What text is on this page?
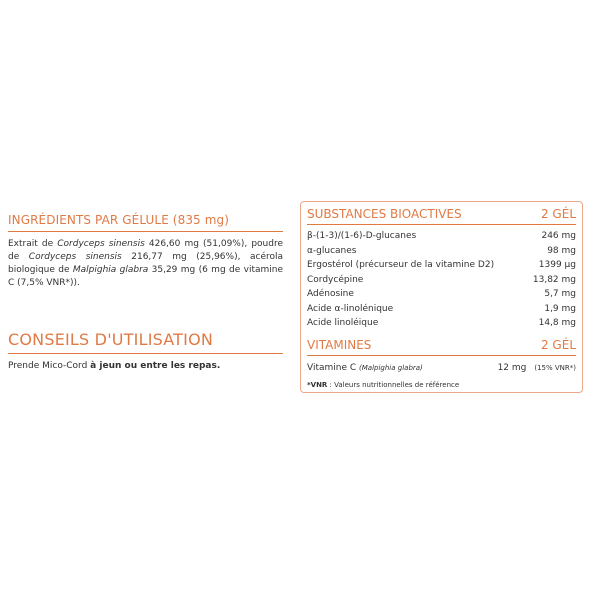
INGRÉDIENTS PAR GÉLULE (835 mg)
Extrait de Cordyceps sinensis 426,60 mg (51,09%), poudre de Cordyceps sinensis 216,77 mg (25,96%), acérola biologique de Malpighia glabra 35,29 mg (6 mg de vitamine C (7,5% VNR*)).
CONSEILS D'UTILISATION
Prende Mico-Cord à jeun ou entre les repas.
SUBSTANCES BIOACTIVES	2 GÉL
β-(1-3)/(1-6)-D-glucanes	246 mg
α-glucanes	98 mg
Ergostérol (précurseur de la vitamine D2)	1399 µg
Cordycépine	13,82 mg
Adénosine	5,7 mg
Acide α-linolénique	1,9 mg
Acide linoléique	14,8 mg
VITAMINES	2 GÉL
Vitamine C (Malpighia glabra)	12 mg (15% VNR*)
*VNR : Valeurs nutritionnelles de référence
